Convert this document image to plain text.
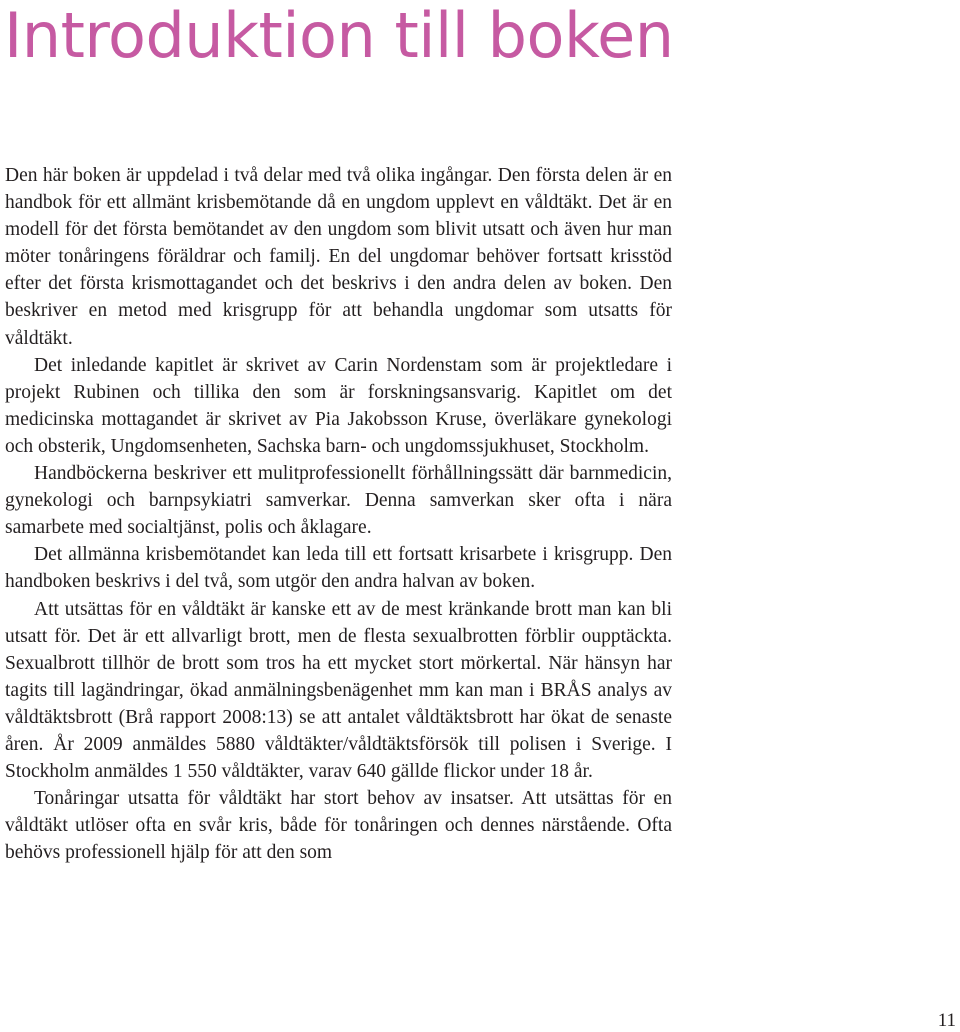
Introduktion till boken

Den här boken är uppdelad i två delar med två olika ingångar. Den första delen är en handbok för ett allmänt krisbemötande då en ungdom upplevt en våldtäkt. Det är en modell för det första bemötandet av den ungdom som blivit utsatt och även hur man möter tonåringens föräldrar och familj. En del ungdomar behöver fortsatt krisstöd efter det första krismottagandet och det beskrivs i den andra delen av boken. Den beskriver en metod med krisgrupp för att behandla ungdomar som utsatts för våldtäkt.

Det inledande kapitlet är skrivet av Carin Nordenstam som är projektledare i projekt Rubinen och tillika den som är forskningsansvarig. Kapitlet om det medicinska mottagandet är skrivet av Pia Jakobsson Kruse, överläkare gynekologi och obsterik, Ungdomsenheten, Sachska barn- och ungdomssjukhuset, Stockholm.

Handböckerna beskriver ett mulitprofessionellt förhållningssätt där barnmedicin, gynekologi och barnpsykiatri samverkar. Denna samverkan sker ofta i nära samarbete med socialtjänst, polis och åklagare.

Det allmänna krisbemötandet kan leda till ett fortsatt krisarbete i krisgrupp. Den handboken beskrivs i del två, som utgör den andra halvan av boken.

Att utsättas för en våldtäkt är kanske ett av de mest kränkande brott man kan bli utsatt för. Det är ett allvarligt brott, men de flesta sexualbrotten förblir oupptäckta. Sexualbrott tillhör de brott som tros ha ett mycket stort mörkertal. När hänsyn har tagits till lagändringar, ökad anmälningsbenägenhet mm kan man i BRÅS analys av våldtäktsbrott (Brå rapport 2008:13) se att antalet våldtäktsbrott har ökat de senaste åren. År 2009 anmäldes 5880 våldtäkter/våldtäktsförsök till polisen i Sverige. I Stockholm anmäldes 1 550 våldtäkter, varav 640 gällde flickor under 18 år.

Tonåringar utsatta för våldtäkt har stort behov av insatser. Att utsättas för en våldtäkt utlöser ofta en svår kris, både för tonåringen och dennes närstående. Ofta behövs professionell hjälp för att den som

11
